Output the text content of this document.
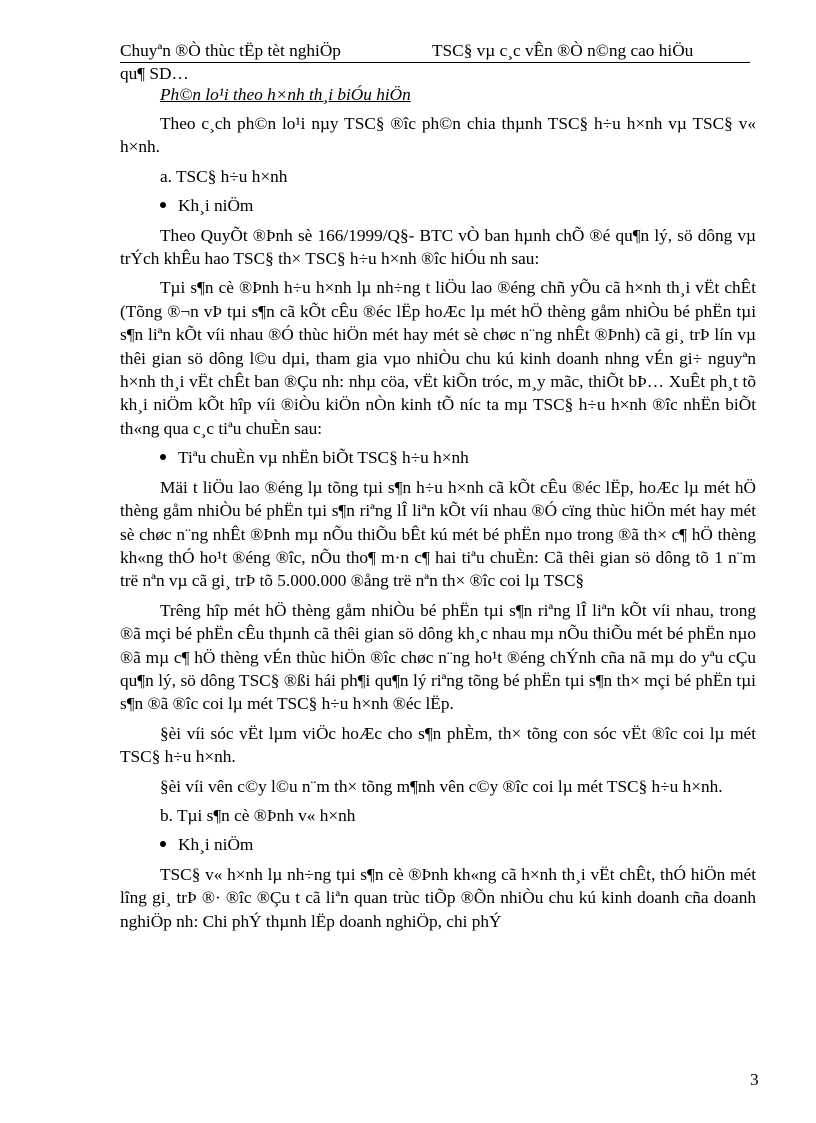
Chuyªn ®Ò thùc tËp tèt nghiÖp	TSC§ vµ c¸c vÊn ®Ò n©ng cao hiÖu
qu¶ SD…
Ph©n lo¹i theo h×nh th¸i biÓu hiÖn

Theo c¸ch ph©n lo¹i nµy TSC§ ®îc ph©n chia thµnh TSC§ h÷u h×nh vµ TSC§ v« h×nh.

a. TSC§ h÷u h×nh

Kh¸i niÖm

Theo QuyÕt ®Þnh sè 166/1999/Q§- BTC vÒ ban hµnh chÕ ®é qu¶n lý, sö dông vµ trÝch khÊu hao TSC§ th× TSC§ h÷u h×nh ®îc hiÓu nh sau:

Tµi s¶n cè ®Þnh h÷u h×nh lµ nh÷ng t liÖu lao ®éng chñ yÕu cã h×nh th¸i vËt chÊt (Tõng ®¬n vÞ tµi s¶n cã kÕt cÊu ®éc lËp hoÆc lµ mét hÖ thèng gåm nhiÒu bé phËn tµi s¶n liªn kÕt víi nhau ®Ó thùc hiÖn mét hay mét sè chøc n¨ng nhÊt ®Þnh) cã gi¸ trÞ lín vµ thêi gian sö dông l©u dµi, tham gia vµo nhiÒu chu kú kinh doanh nhng vÉn gi÷ nguyªn h×nh th¸i vËt chÊt ban ®Çu nh: nhµ cöa, vËt kiÕn tróc, m¸y mãc, thiÕt bÞ… XuÊt ph¸t tõ kh¸i niÖm kÕt hîp víi ®iÒu kiÖn nÒn kinh tÕ níc ta mµ TSC§ h÷u h×nh ®îc nhËn biÕt th«ng qua c¸c tiªu chuÈn sau:

Tiªu chuÈn vµ nhËn biÕt TSC§ h÷u h×nh

Mäi t liÖu lao ®éng lµ tõng tµi s¶n h÷u h×nh cã kÕt cÊu ®éc lËp, hoÆc lµ mét hÖ thèng gåm nhiÒu bé phËn tµi s¶n riªng lÎ liªn kÕt víi nhau ®Ó cïng thùc hiÖn mét hay mét sè chøc n¨ng nhÊt ®Þnh mµ nÕu thiÕu bÊt kú mét bé phËn nµo trong ®ã th× c¶ hÖ thèng kh«ng thÓ ho¹t ®éng ®îc, nÕu tho¶ m·n c¶ hai tiªu chuÈn: Cã thêi gian sö dông tõ 1 n¨m trë nªn vµ cã gi¸ trÞ tõ 5.000.000 ®ång trë nªn th× ®îc coi lµ TSC§

Trêng hîp mét hÖ thèng gåm nhiÒu bé phËn tµi s¶n riªng lÎ liªn kÕt víi nhau, trong ®ã mçi bé phËn cÊu thµnh cã thêi gian sö dông kh¸c nhau mµ nÕu thiÕu mét bé phËn nµo ®ã mµ c¶ hÖ thèng vÉn thùc hiÖn ®îc chøc n¨ng ho¹t ®éng chÝnh cña nã mµ do yªu cÇu qu¶n lý, sö dông TSC§ ®ßi hái ph¶i qu¶n lý riªng tõng bé phËn tµi s¶n th× mçi bé phËn tµi s¶n ®ã ®îc coi lµ mét TSC§ h÷u h×nh ®éc lËp.

§èi víi sóc vËt lµm viÖc hoÆc cho s¶n phÈm, th× tõng con sóc vËt ®îc coi lµ mét TSC§ h÷u h×nh.

§èi víi vên c©y l©u n¨m th× tõng m¶nh vên c©y ®îc coi lµ mét TSC§ h÷u h×nh.

b. Tµi s¶n cè ®Þnh v« h×nh

Kh¸i niÖm

TSC§ v« h×nh lµ nh÷ng tµi s¶n cè ®Þnh kh«ng cã h×nh th¸i vËt chÊt, thÓ hiÖn mét lîng gi¸ trÞ ®· ®îc ®Çu t cã liªn quan trùc tiÕp ®Õn nhiÒu chu kú kinh doanh cña doanh nghiÖp nh: Chi phÝ thµnh lËp doanh nghiÖp, chi phÝ

3
